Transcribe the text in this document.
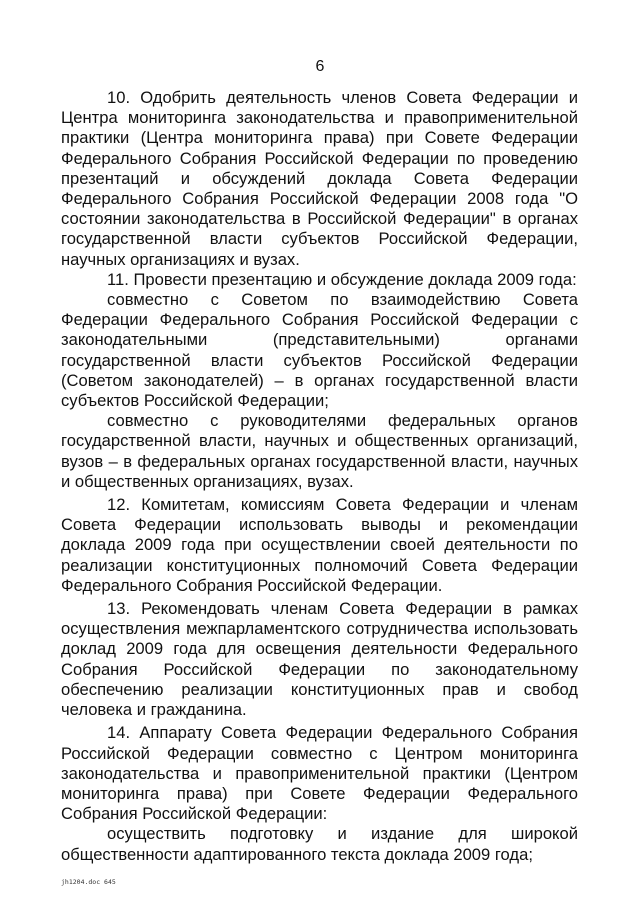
6

10. Одобрить деятельность членов Совета Федерации и Центра мониторинга законодательства и правоприменительной практики (Центра мониторинга права) при Совете Федерации Федерального Собрания Российской Федерации по проведению презентаций и обсуждений доклада Совета Федерации Федерального Собрания Российской Федерации 2008 года "О состоянии законодательства в Российской Федерации" в органах государственной власти субъектов Российской Федерации, научных организациях и вузах.

11. Провести презентацию и обсуждение доклада 2009 года:

совместно с Советом по взаимодействию Совета Федерации Федерального Собрания Российской Федерации с законодательными (представительными) органами государственной власти субъектов Российской Федерации (Советом законодателей) – в органах государственной власти субъектов Российской Федерации;

совместно с руководителями федеральных органов государственной власти, научных и общественных организаций, вузов – в федеральных органах государственной власти, научных и общественных организациях, вузах.

12. Комитетам, комиссиям Совета Федерации и членам Совета Федерации использовать выводы и рекомендации доклада 2009 года при осуществлении своей деятельности по реализации конституционных полномочий Совета Федерации Федерального Собрания Российской Федерации.

13. Рекомендовать членам Совета Федерации в рамках осуществления межпарламентского сотрудничества использовать доклад 2009 года для освещения деятельности Федерального Собрания Российской Федерации по законодательному обеспечению реализации конституционных прав и свобод человека и гражданина.

14. Аппарату Совета Федерации Федерального Собрания Российской Федерации совместно с Центром мониторинга законодательства и правоприменительной практики (Центром мониторинга права) при Совете Федерации Федерального Собрания Российской Федерации:

осуществить подготовку и издание для широкой общественности адаптированного текста доклада 2009 года;

jh1204.doc 645
